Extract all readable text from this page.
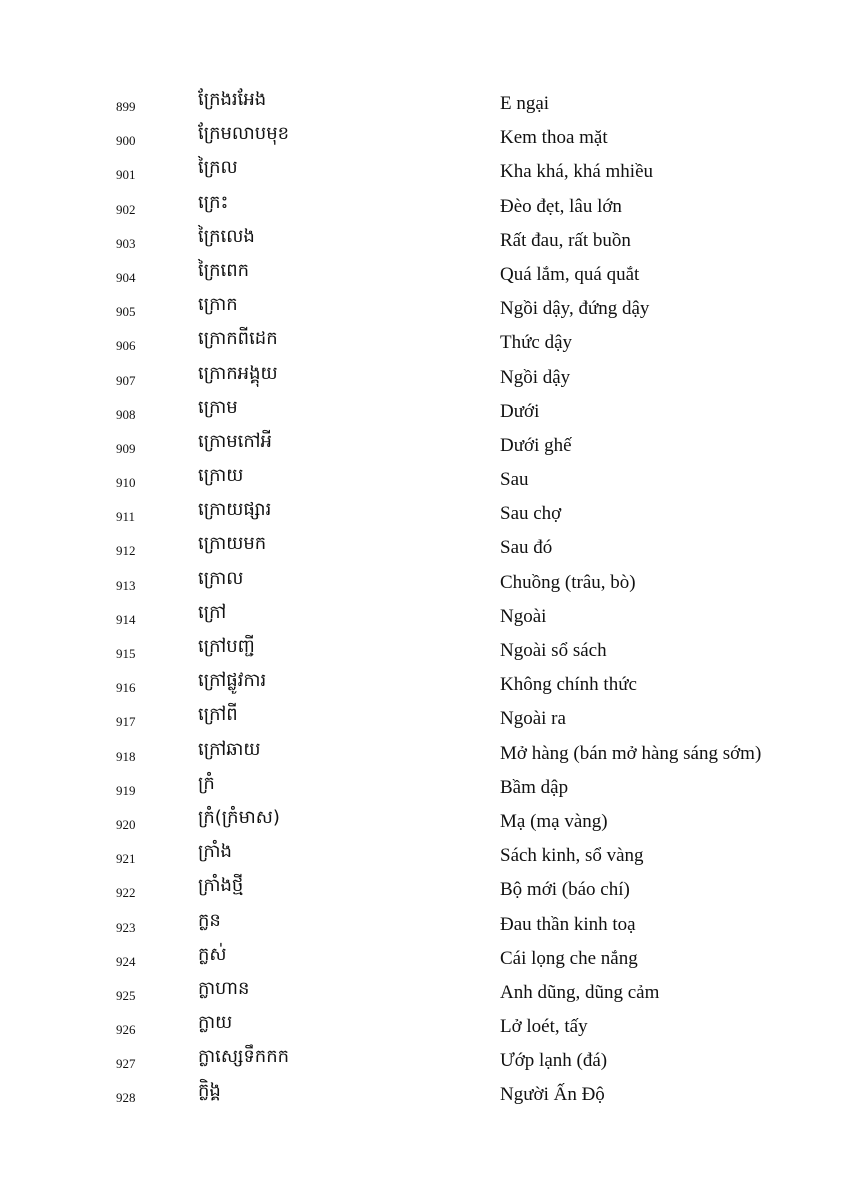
899	ក្រែងរអែង	E ngại
900	ក្រែមលាបមុខ	Kem thoa mặt
901	ក្រៃល	Kha khá, khá mhiều
902	ក្រេះ	Đèo đẹt, lâu lớn
903	ក្រៃលេង	Rất đau, rất buồn
904	ក្រៃពេក	Quá lắm, quá quắt
905	ក្រោក	Ngồi dậy, đứng dậy
906	ក្រោកពីដេក	Thức dậy
907	ក្រោកអង្គុយ	Ngồi dậy
908	ក្រោម	Dưới
909	ក្រោមកៅអី	Dưới ghế
910	ក្រោយ	Sau
911	ក្រោយផ្សារ	Sau chợ
912	ក្រោយមក	Sau đó
913	ក្រោល	Chuồng (trâu, bò)
914	ក្រៅ	Ngoài
915	ក្រៅបញ្ជី	Ngoài sổ sách
916	ក្រៅផ្លូវការ	Không chính thức
917	ក្រៅពី	Ngoài ra
918	ក្រៅឆាយ	Mở hàng (bán mở hàng sáng sớm)
919	ក្រំ	Bầm dập
920	ក្រំ(ក្រំមាស)	Mạ (mạ vàng)
921	ក្រាំង	Sách kinh, sổ vàng
922	ក្រាំងថ្មី	Bộ mới (báo chí)
923	ក្លន	Đau thần kinh toạ
924	ក្លស់	Cái lọng che nắng
925	ក្លាហាន	Anh dũng, dũng cảm
926	ក្លាយ	Lở loét, tấy
927	ក្លាសេ្សទឹកកក	Ướp lạnh (đá)
928	ក្លិង្គ	Người Ấn Độ
